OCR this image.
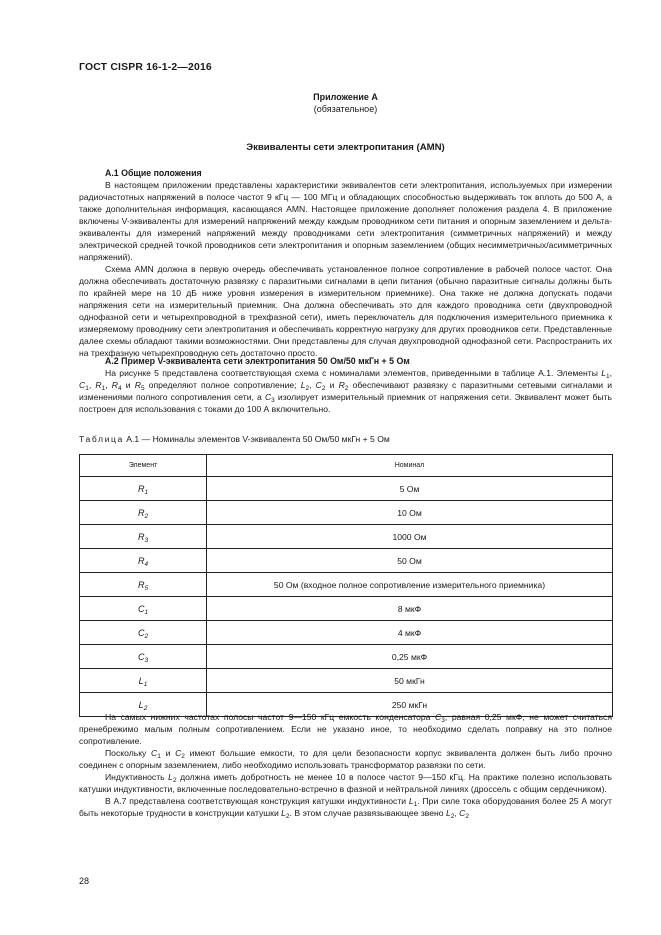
ГОСТ CISPR 16-1-2—2016
Приложение А
(обязательное)
Эквиваленты сети электропитания (AMN)
А.1 Общие положения

В настоящем приложении представлены характеристики эквивалентов сети электропитания, используемых при измерении радиочастотных напряжений в полосе частот 9 кГц — 100 МГц и обладающих способностью выдерживать ток вплоть до 500 А, а также дополнительная информация, касающаяся AMN. Настоящее приложение дополняет положения раздела 4. В приложение включены V-эквиваленты для измерений напряжений между каждым проводником сети питания и опорным заземлением и дельта-эквиваленты для измерений напряжений между проводниками сети электропитания (симметричных напряжений) и между электрической средней точкой проводников сети электропитания и опорным заземлением (общих несимметричных/асимметричных напряжений).

Схема AMN должна в первую очередь обеспечивать установленное полное сопротивление в рабочей полосе частот. Она должна обеспечивать достаточную развязку с паразитными сигналами в цепи питания (обычно паразитные сигналы должны быть по крайней мере на 10 дБ ниже уровня измерения в измерительном приемнике). Она также не должна допускать подачи напряжения сети на измерительный приемник. Она должна обеспечивать это для каждого проводника сети (двухпроводной однофазной сети и четырехпроводной в трехфазной сети), иметь переключатель для подключения измерительного приемника к измеряемому проводнику сети электропитания и обеспечивать корректную нагрузку для других проводников сети. Представленные далее схемы обладают такими возможностями. Они представлены для случая двухпроводной однофазной сети. Распространить их на трехфазную четырехпроводную сеть достаточно просто.

А.2 Пример V-эквивалента сети электропитания 50 Ом/50 мкГн + 5 Ом

На рисунке 5 представлена соответствующая схема с номиналами элементов, приведенными в таблице А.1. Элементы $L_1$, $C_1$, $R_1$, $R_4$ и $R_5$ определяют полное сопротивление; $L_2$, $C_2$ и $R_2$ обеспечивают развязку с паразитными сетевыми сигналами и изменениями полного сопротивления сети, а $C_3$ изолирует измерительный приемник от напряжения сети. Эквивалент может быть построен для использования с токами до 100 А включительно.

Таблица А.1 — Номиналы элементов V-эквивалента 50 Ом/50 мкГн + 5 Ом
Элемент	Номинал
$R_1$	5 Ом
$R_2$	10 Ом
$R_3$	1000 Ом
$R_4$	50 Ом
$R_5$	50 Ом (входное полное сопротивление измерительного приемника)
$C_1$	8 мкФ
$C_2$	4 мкФ
$C_3$	0,25 мкФ
$L_1$	50 мкГн
$L_2$	250 мкГн

На самых нижних частотах полосы частот 9—150 кГц емкость конденсатора $C_3$, равная 0,25 мкФ, не может считаться пренебрежимо малым полным сопротивлением. Если не указано иное, то необходимо сделать поправку на это полное сопротивление.

Поскольку $C_1$ и $C_2$ имеют большие емкости, то для цели безопасности корпус эквивалента должен быть либо прочно соединен с опорным заземлением, либо необходимо использовать трансформатор развязки по сети.

Индуктивность $L_2$ должна иметь добротность не менее 10 в полосе частот 9—150 кГц. На практике полезно использовать катушки индуктивности, включенные последовательно-встречно в фазной и нейтральной линиях (дроссель с общим сердечником).

В А.7 представлена соответствующая конструкция катушки индуктивности $L_1$. При силе тока оборудования более 25 А могут быть некоторые трудности в конструкции катушки $L_2$. В этом случае развязывающее звено $L_2$, $C_2$

28
